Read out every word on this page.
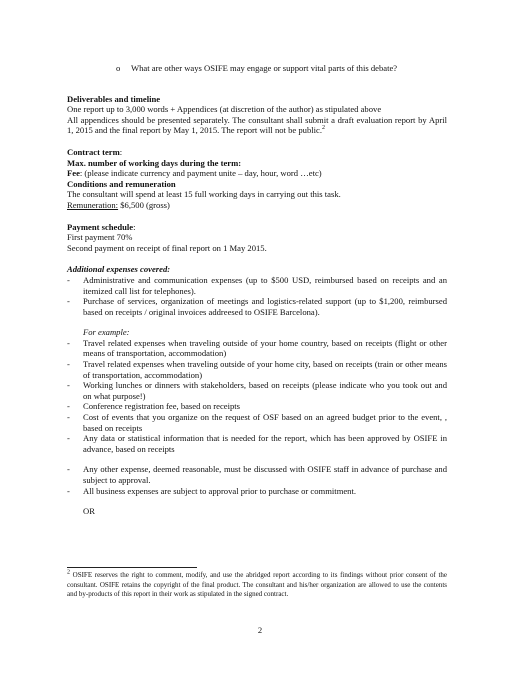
o	What are other ways OSIFE may engage or support vital parts of this debate?
Deliverables and timeline
One report up to 3,000 words + Appendices (at discretion of the author) as stipulated above
All appendices should be presented separately. The consultant shall submit a draft evaluation report by April 1, 2015 and the final report by May 1, 2015. The report will not be public.$^2$
Contract term:
Max. number of working days during the term:
Fee: (please indicate currency and payment unite – day, hour, word …etc)
Conditions and remuneration
The consultant will spend at least 15 full working days in carrying out this task.
Remuneration: $6,500 (gross)
Payment schedule:
First payment 70%
Second payment on receipt of final report on 1 May 2015.
Additional expenses covered:
- Administrative and communication expenses (up to $500 USD, reimbursed based on receipts and an itemized call list for telephones).
- Purchase of services, organization of meetings and logistics-related support (up to $1,200, reimbursed based on receipts / original invoices addreesed to OSIFE Barcelona).
For example:
- Travel related expenses when traveling outside of your home country, based on receipts (flight or other means of transportation, accommodation)
- Travel related expenses when traveling outside of your home city, based on receipts (train or other means of transportation, accommodation)
- Working lunches or dinners with stakeholders, based on receipts (please indicate who you took out and on what purpose!)
- Conference registration fee, based on receipts
- Cost of events that you organize on the request of OSF based on an agreed budget prior to the event, , based on receipts
- Any data or statistical information that is needed for the report, which has been approved by OSIFE in advance, based on receipts
- Any other expense, deemed reasonable, must be discussed with OSIFE staff in advance of purchase and subject to approval.
- All business expenses are subject to approval prior to purchase or commitment.
OR
$^2$ OSIFE reserves the right to comment, modify, and use the abridged report according to its findings without prior consent of the consultant. OSIFE retains the copyright of the final product. The consultant and his/her organization are allowed to use the contents and by-products of this report in their work as stipulated in the signed contract.
2
